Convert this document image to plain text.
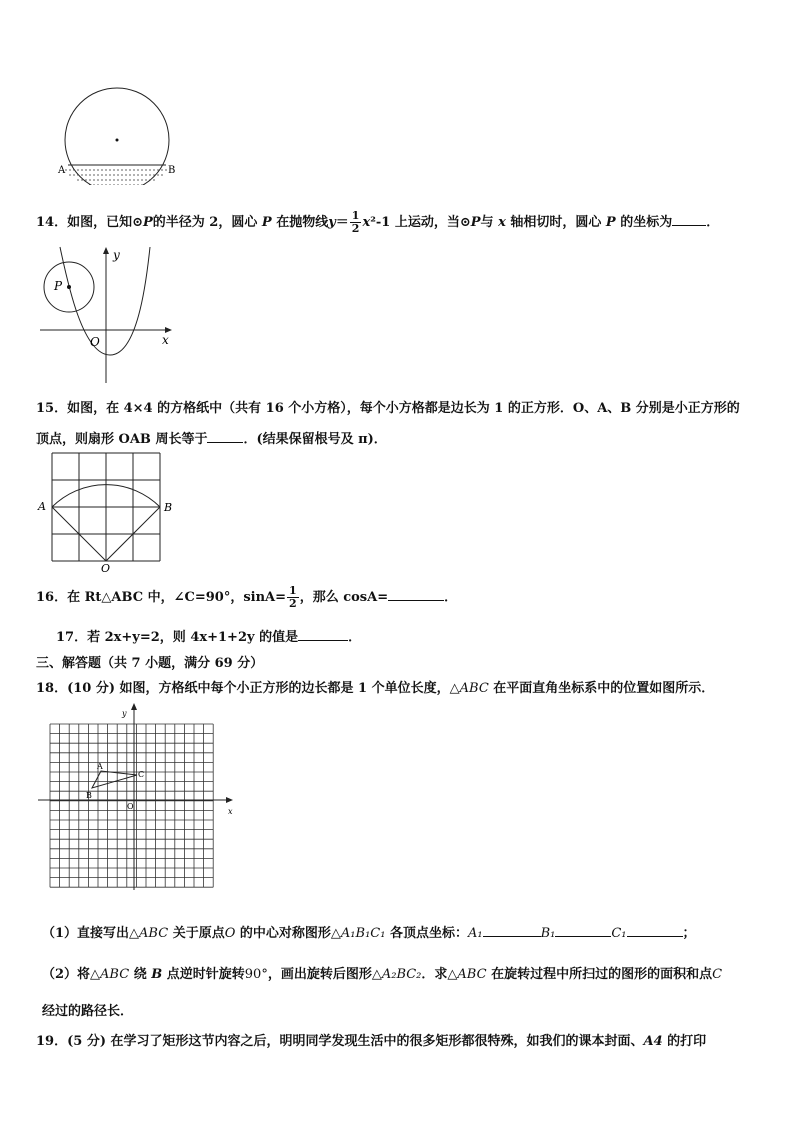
A	B
14．如图，已知⊙P的半径为 2，圆心 P 在抛物线$y= \frac{1}{2} x^2-1$ 上运动，当⊙P与 x 轴相切时，圆心 P 的坐标为	．
y
P
O	x
15．如图，在 4×4 的方格纸中（共有 16 个小方格），每个小方格都是边长为 1 的正方形．O、A、B 分别是小正方形的
顶点，则扇形 OAB 周长等于	．(结果保留根号及 π)．
A	B
O
16．在 Rt△ABC 中，∠C=90°，$\sin A= \frac{1}{2}$ ，那么 cosA=	．
17．若 2x+y=2，则 4x+1+2y 的值是	．
三、解答题（共 7 小题，满分 69 分）
18．(10 分) 如图，方格纸中每个小正方形的边长都是 1 个单位长度，△ABC 在平面直角坐标系中的位置如图所示．
y
x
O
A
B
C
（1）直接写出△ABC 关于原点O 的中心对称图形△A₁B₁C₁ 各顶点坐标：A₁	B₁	C₁	；
（2）将△ABC 绕 B 点逆时针旋转90°，画出旋转后图形△A₂BC₂．求△ABC 在旋转过程中所扫过的图形的面积和点C
经过的路径长．
19．(5 分) 在学习了矩形这节内容之后，明明同学发现生活中的很多矩形都很特殊，如我们的课本封面、A4 的打印
